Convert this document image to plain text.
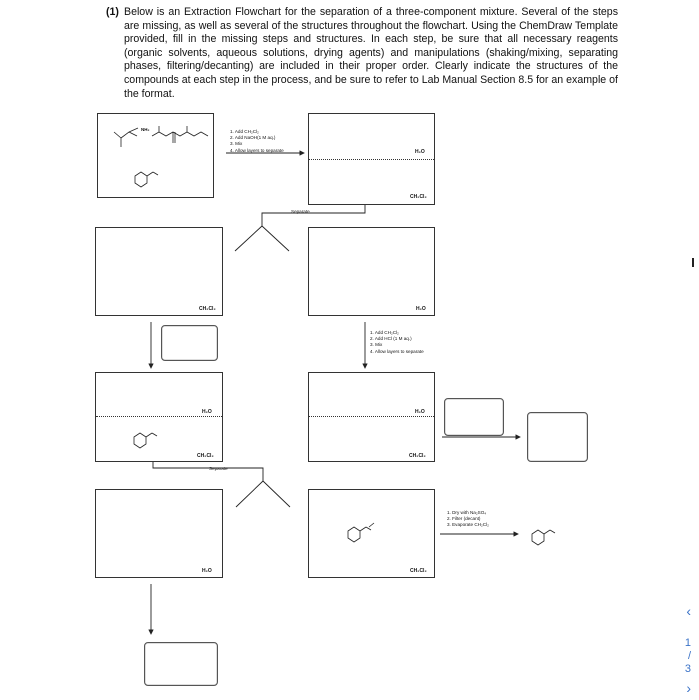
(1) Below is an Extraction Flowchart for the separation of a three-component mixture. Several of the steps are missing, as well as several of the structures throughout the flowchart. Using the ChemDraw Template provided, fill in the missing steps and structures. In each step, be sure that all necessary reagents (organic solvents, aqueous solutions, drying agents) and manipulations (shaking/mixing, separating phases, filtering/decanting) are included in their proper order. Clearly indicate the structures of the compounds at each step in the process, and be sure to refer to Lab Manual Section 8.5 for an example of the format.
NH₂	1. Add CH₂Cl₂
2. Add NaOH(1 M aq.)
3. Mix
4. Allow layers to separate	H₂O
CH₂Cl₂
Separate
CH₂Cl₂	H₂O
1. Add CH₂Cl₂
2. Add HCl (1 M aq.)
3. Mix
4. Allow layers to separate
H₂O
CH₂Cl₂
H₂O
CH₂Cl₂
Separate
H₂O	CH₂Cl₂
1. Dry with Na₂SO₄
2. Filter (decant)
3. Evaporate CH₂Cl₂
‹
1
/
3
›
